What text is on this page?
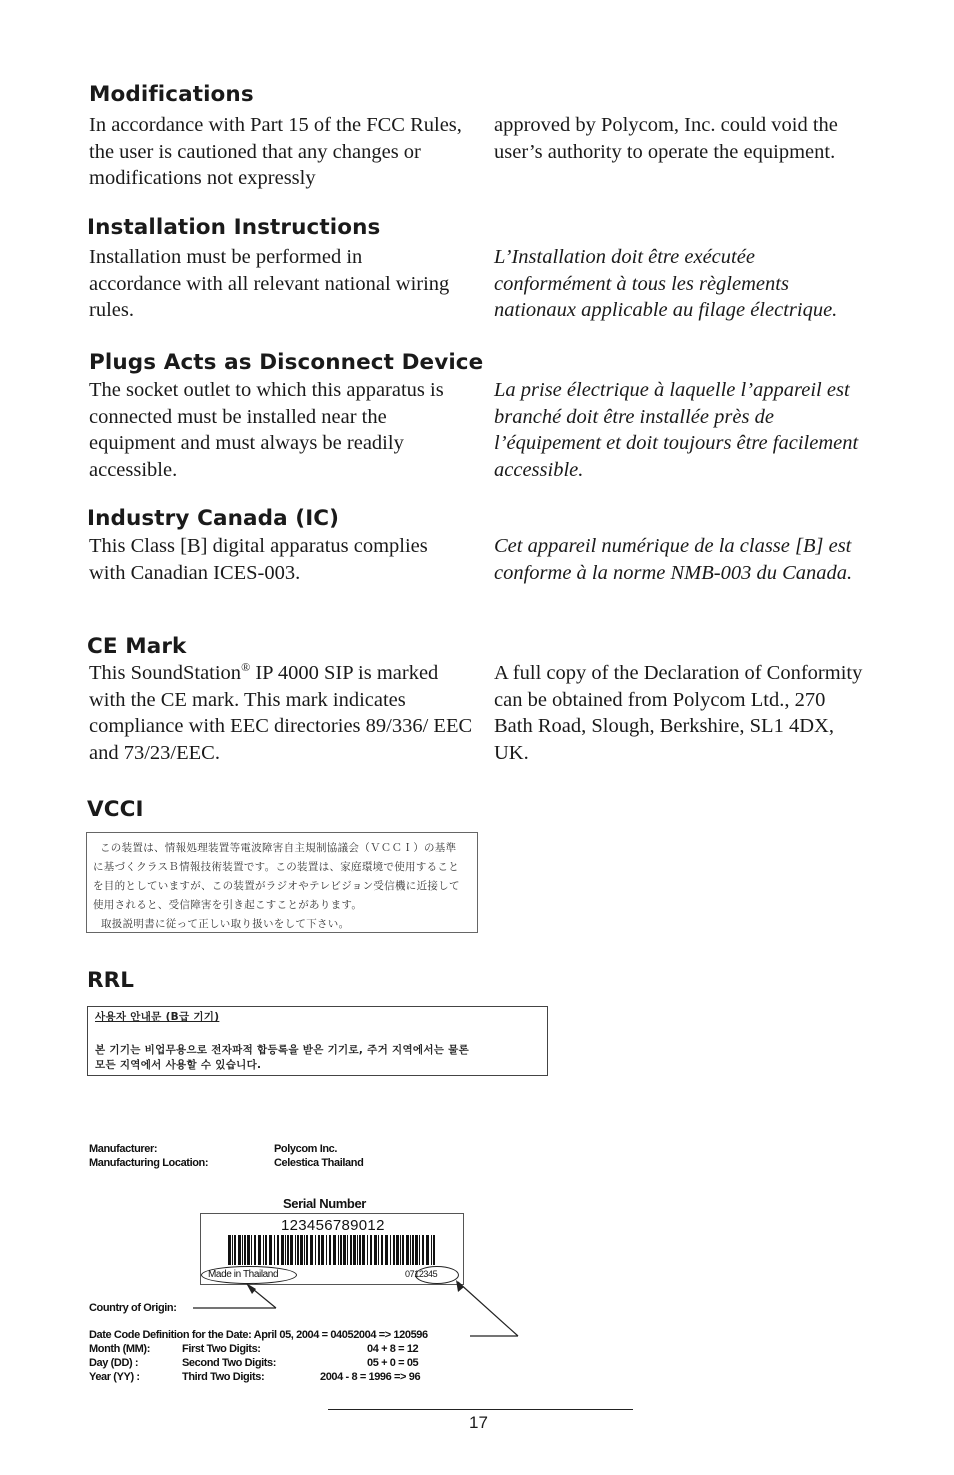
Modifications

In accordance with Part 15 of the FCC Rules, the user is cautioned that any changes or modifications not expressly

approved by Polycom, Inc. could void the user’s authority to operate the equipment.

Installation Instructions

Installation must be performed in accordance with all relevant national wiring rules.

L’Installation doit être exécutée conformément à tous les règlements nationaux applicable au filage électrique.

Plugs Acts as Disconnect Device

The socket outlet to which this apparatus is connected must be installed near the equipment and must always be readily accessible.

La prise électrique à laquelle l’appareil est branché doit être installée près de l’équipement et doit toujours être facilement accessible.

Industry Canada (IC)

This Class [B] digital apparatus complies with Canadian ICES-003.

Cet appareil numérique de la classe [B] est conforme à la norme NMB-003 du Canada.

CE Mark

This SoundStation® IP 4000 SIP is marked with the CE mark. This mark indicates compliance with EEC directories 89/336/ EEC and 73/23/EEC.

A full copy of the Declaration of Conformity can be obtained from Polycom Ltd., 270 Bath Road, Slough, Berkshire, SL1 4DX, UK.

VCCI
この装置は、情報処理装置等電波障害自主規制協議会（ＶＣＣＩ）の基準
に基づくクラスＢ情報技術装置です。この装置は、家庭環境で使用すること
を目的としていますが、この装置がラジオやテレビジョン受信機に近接して
使用されると、受信障害を引き起こすことがあります。
取扱説明書に従って正しい取り扱いをして下さい。
RRL
사용자 안내문 (B급 기기)
본 기기는 비업무용으로 전자파적 합등록을 받은 기기로, 주거 지역에서는 물론
모든 지역에서 사용할 수 있습니다.
Manufacturer:	Polycom Inc.
Manufacturing Location:	Celestica Thailand
Serial Number
123456789012
Made in Thailand	0712345
Country of Origin:
Date Code Definition for the Date: April 05, 2004 = 04052004 => 120596
Month (MM):	First Two Digits:	04 + 8 = 12
Day (DD) :	Second Two Digits:	05 + 0 = 05
Year (YY) :	Third Two Digits:	2004 - 8 = 1996 => 96
17
